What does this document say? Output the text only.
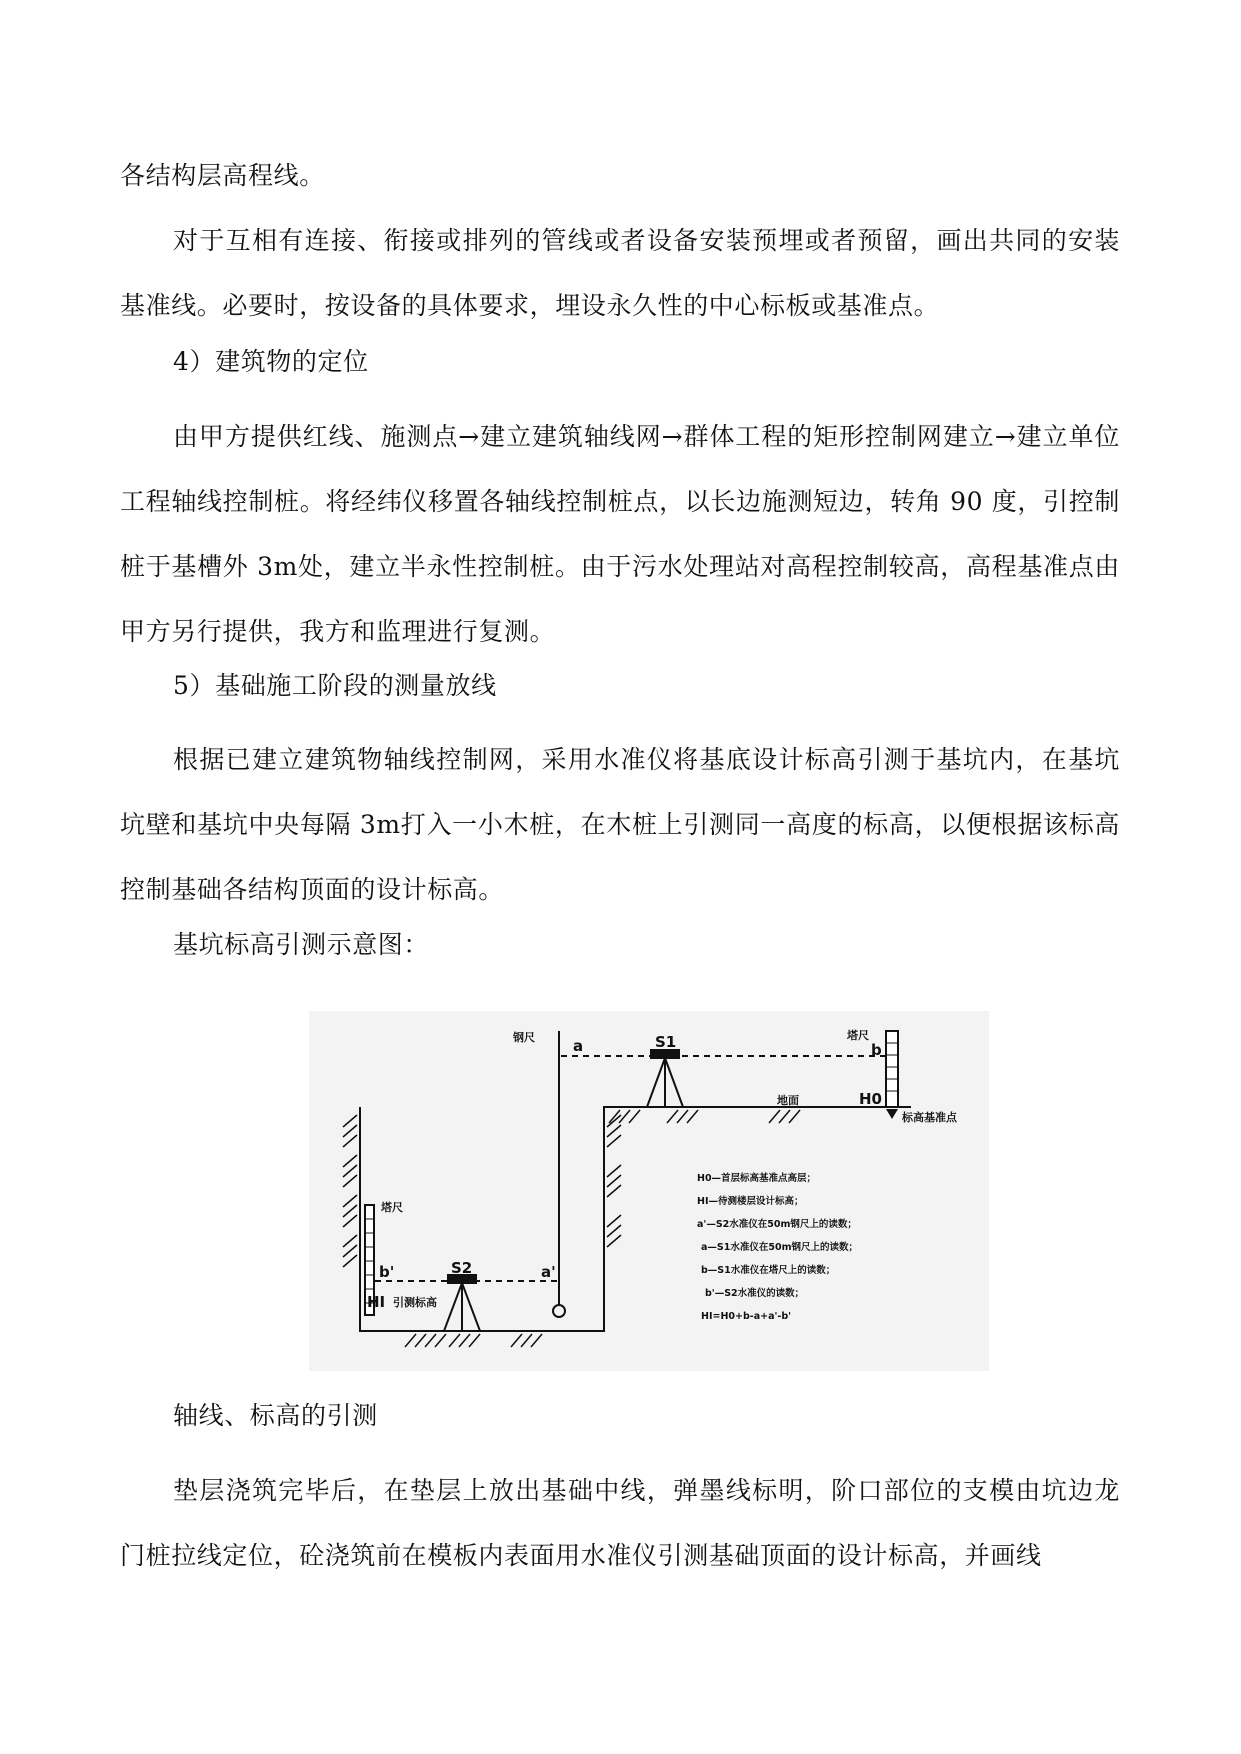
各结构层高程线。

对于互相有连接、衔接或排列的管线或者设备安装预埋或者预留，画出共同的安装基准线。必要时，按设备的具体要求，埋设永久性的中心标板或基准点。

4）建筑物的定位

由甲方提供红线、施测点→建立建筑轴线网→群体工程的矩形控制网建立→建立单位工程轴线控制桩。将经纬仪移置各轴线控制桩点，以长边施测短边，转角 90 度，引控制桩于基槽外 3m处，建立半永性控制桩。由于污水处理站对高程控制较高，高程基准点由甲方另行提供，我方和监理进行复测。

5）基础施工阶段的测量放线

根据已建立建筑物轴线控制网，采用水准仪将基底设计标高引测于基坑内，在基坑坑壁和基坑中央每隔 3m打入一小木桩，在木桩上引测同一高度的标高，以便根据该标高控制基础各结构顶面的设计标高。

基坑标高引测示意图：

钢尺	a	S1	塔尺
b
地面	H0
标高基准点
塔尺
b'	S2	a'
HI 引测标高
H0—首层标高基准点高层；
HI—待测楼层设计标高；
a'—S2水准仪在50m钢尺上的读数；
a—S1水准仪在50m钢尺上的读数；
b—S1水准仪在塔尺上的读数；
b'—S2水准仪的读数；
HI=H0+b-a+a'-b'

轴线、标高的引测

垫层浇筑完毕后，在垫层上放出基础中线，弹墨线标明，阶口部位的支模由坑边龙门桩拉线定位，砼浇筑前在模板内表面用水准仪引测基础顶面的设计标高，并画线
